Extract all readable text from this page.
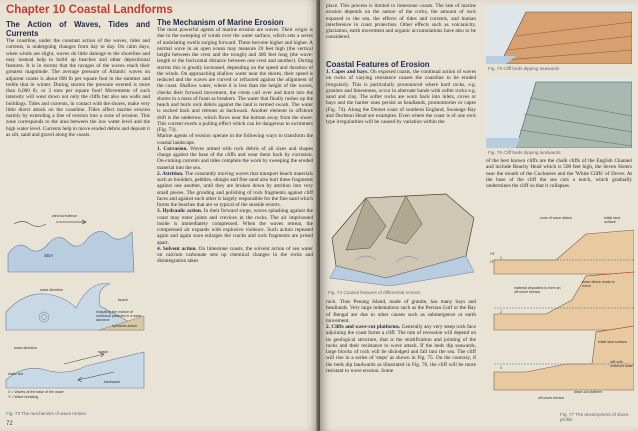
Chapter 10 Coastal Landforms
The Action of Waves, Tides and Currents

The coastline, under the constant action of the waves, tides and currents, is undergoing changes from day to day. On calm days, when winds are slight, waves do little damage to the shoreline and may instead help to build up beaches and other depositional features. It is in storms that the ravages of the waves reach their greatest magnitude. The average pressure of Atlantic waves on adjacent coasts is about 600 lb per square foot in the summer and treble that in winter. During storms the pressure exerted is more than 6,000 lb, or 3 tons per square foot! Movements of such intensity will wear down not only the cliffs but also sea walls and buildings. Tides and currents, in contact with the shores, make very little direct attack on the coastline. Tides affect marine erosion mainly by extending a line of erosion into a zone of erosion. This zone corresponds to the area between the low water level and the high water level. Currents help to move eroded debris and deposit it as silt, sand and gravel along the coasts.

The Mechanism of Marine Erosion

The most powerful agents of marine erosion are waves. Their origin is due to the sweeping of winds over the water surface, which sets a series of undulating swells surging forward. These become higher and higher. A normal wave in an open ocean may measure 20 feet high (the vertical height between the crest and the trough) and 400 feet long (the wave-length or the horizontal distance between one crest and another). During storms this is greatly increased, depending on the speed and duration of the winds. On approaching shallow water near the shores, their speed is reduced and the waves are curved or refracted against the alignment of the coast. Shallow water, where it is less than the height of the waves, checks their forward movement, the crests curl over and burst into the shores in a mass of foam as breakers. The water that finally rushes up the beach and hurls rock debris against the land is termed swash. The water is sucked back and retreats as backwash. Another element in offshore drift is the undertow, which flows near the bottom away from the shore. This current exerts a pulling effect which can be dangerous to swimmers (Fig. 73).

Marine agents of erosion operate in the following ways to transform the coastal landscape.

1. Corrasion. Waves armed with rock debris of all sizes and shapes charge against the base of the cliffs and wear them back by corrasion. On-coming currents and tides complete the work by sweeping the eroded material into the sea.

2. Attrition. The constantly moving waves that transport beach materials such as boulders, pebbles, shingle and fine sand also hurl these fragments against one another, until they are broken down by attrition into very small pieces. The grinding and polishing of rock fragments against cliff faces and against each other is largely responsible for the fine sand which forms the beaches that are so typical of the seaside resorts.

3. Hydraulic action. In their forward surge, waves splashing against the coast may enter joints and crevices in the rocks. The air imprisoned inside is immediately compressed. When the waves retreat, the compressed air expands with explosive violence. Such action repeated again and again soon enlarges the cracks and rock fragments are prised apart.

4. Solvent action. On limestone coasts, the solvent action of sea water on calcium carbonate sets up chemical changes in the rocks and disintegration takes

wind turbulence
SEA
wave direction
beach
indicating the motion of individual particles in a wave advance
wave direction
swash
backwash
X = Waves at the base of the wave
Y = Wave breaking
hydraulic action
water line
Fig. 73 The mechanism of wave motion
72

place. This process is limited to limestone coasts. The rate of marine erosion depends on the nature of the rocks, the amount of rock exposed to the sea, the effects of tides and currents, and human interference in coast protection. Other effects such as volcanicity, glaciation, earth movement and organic accumulations have also to be considered.

Coastal Features of Erosion

1. Capes and bays. On exposed coasts, the continual action of waves on rocks of varying resistance causes the coastline to be eroded irregularly. This is particularly pronounced where hard rocks, e.g. granites and limestones, occur in alternate bands with softer rocks e.g. sand and clay. The softer rocks are worn back into inlets, coves or bays and the harder ones persist as headlands, promontories or capes (Fig. 74). Along the Dorset coast of southern England, Swanage Bay and Durlston Head are examples. Even where the coast is of one rock type irregularities will be caused by variation within the

Fig. 74 Coastal features of differential erosion

rock. Thus Penang Island, made of granite, has many bays and headlands. Very large indentations such as the Persian Gulf or the Bay of Bengal are due to other causes such as submergence or earth movement.

2. Cliffs and wave-cut platforms. Generally any very steep rock face adjoining the coast forms a cliff. The rate of recession will depend on its geological structure, that is the stratification and jointing of the rocks and their resistance to wave attack. If the beds dip seawards, large blocks of rock will be dislodged and fall into the sea. The cliff will rise in a series of 'steps' as shown in Fig. 75. On the contrary, if the beds dip landwards as illustrated in Fig. 76, the cliff will be more resistant to wave erosion. Some

Fig. 75 Cliff beds dipping seawards
Fig. 76 Cliff beds dipping landwards

of the best known cliffs are the chalk cliffs of the English Channel and include Beachy Head which is 500 feet high, the Seven Sisters near the mouth of the Cuckmere and the 'White Cliffs' of Dover. At the base of the cliff the sea cuts a notch, which gradually undermines the cliff so that it collapses.

zone of wave attack	initial land surface
HT
LT
1
2
3
material deposited to form an off-shore terrace
wave attack leads to notch
initial land surface
cliff with undercut base
wave-cut platform
off-shore terrace
Fig. 77 The development of shore profile
